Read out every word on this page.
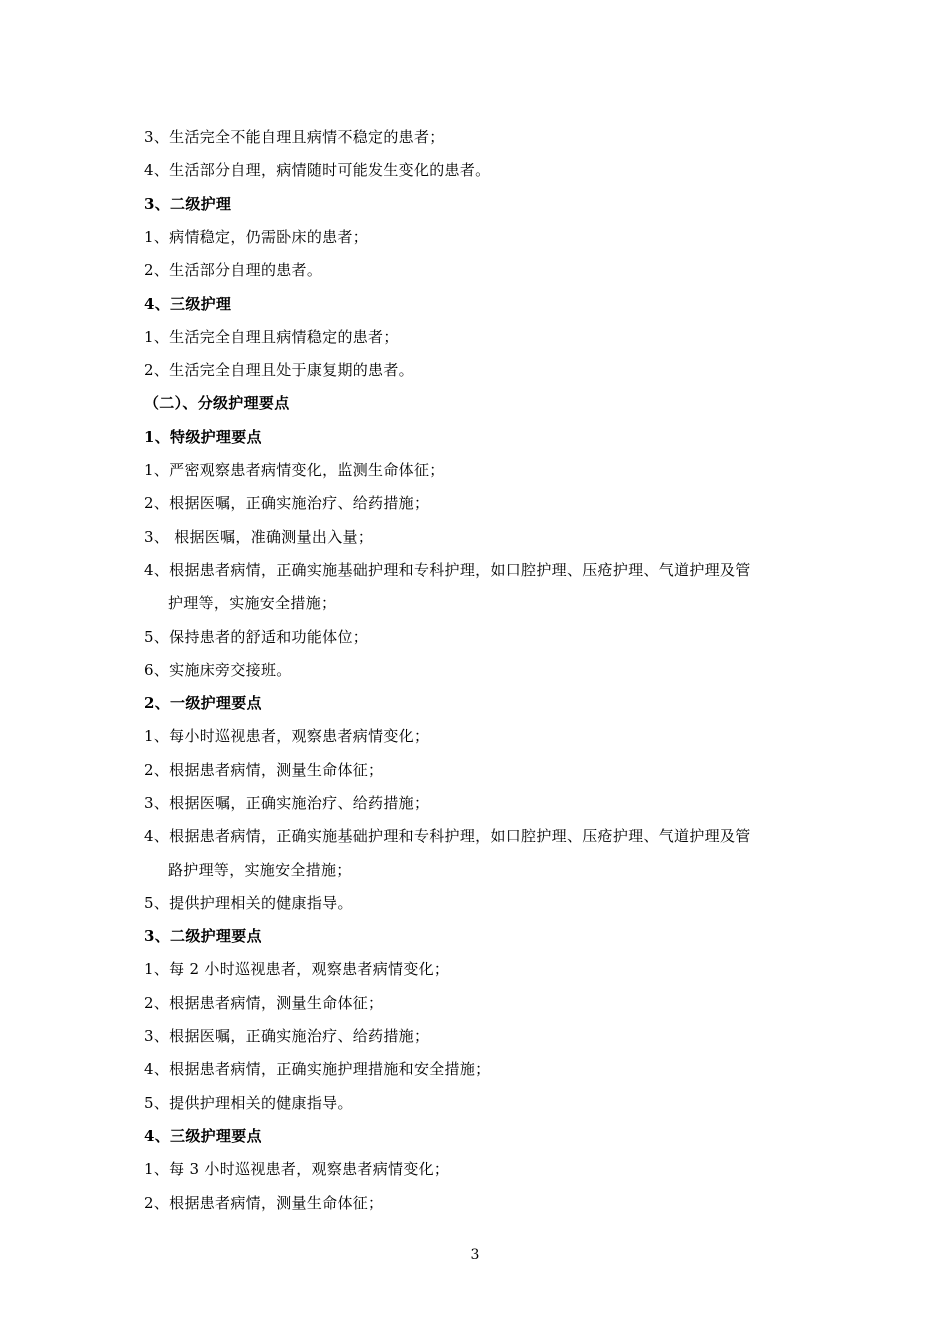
3、生活完全不能自理且病情不稳定的患者；
4、生活部分自理，病情随时可能发生变化的患者。
3、二级护理
1、病情稳定，仍需卧床的患者；
2、生活部分自理的患者。
4、三级护理
1、生活完全自理且病情稳定的患者；
2、生活完全自理且处于康复期的患者。
（二）、分级护理要点
1、特级护理要点
1、严密观察患者病情变化，监测生命体征；
2、根据医嘱，正确实施治疗、给药措施；
3、 根据医嘱，准确测量出入量；
4、根据患者病情，正确实施基础护理和专科护理，如口腔护理、压疮护理、气道护理及管
护理等，实施安全措施；
5、保持患者的舒适和功能体位；
6、实施床旁交接班。
2、一级护理要点
1、每小时巡视患者，观察患者病情变化；
2、根据患者病情，测量生命体征；
3、根据医嘱，正确实施治疗、给药措施；
4、根据患者病情，正确实施基础护理和专科护理，如口腔护理、压疮护理、气道护理及管
路护理等，实施安全措施；
5、提供护理相关的健康指导。
3、二级护理要点
1、每 2 小时巡视患者，观察患者病情变化；
2、根据患者病情，测量生命体征；
3、根据医嘱，正确实施治疗、给药措施；
4、根据患者病情，正确实施护理措施和安全措施；
5、提供护理相关的健康指导。
4、三级护理要点
1、每 3 小时巡视患者，观察患者病情变化；
2、根据患者病情，测量生命体征；
3
